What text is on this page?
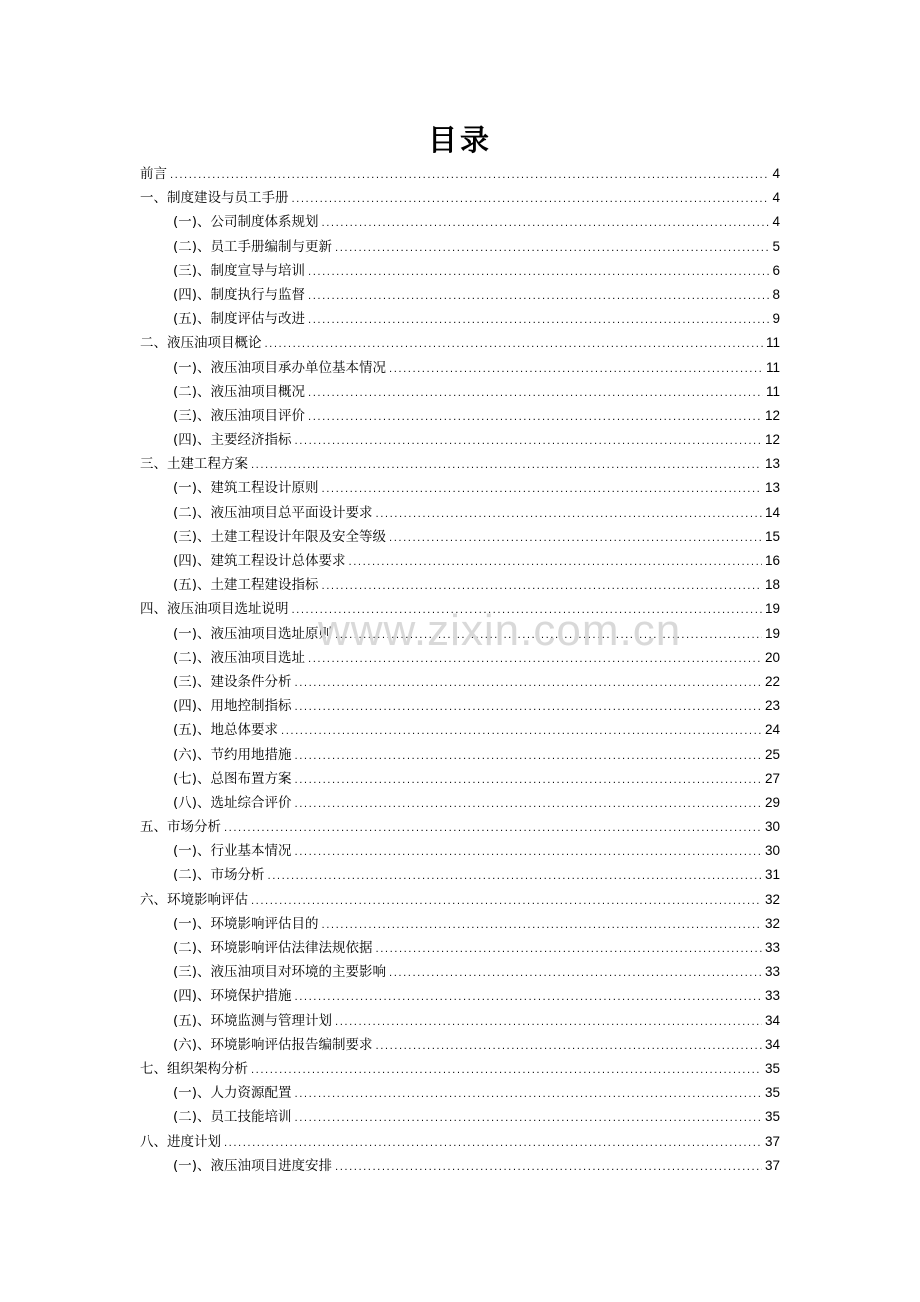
目录
前言 .....	4
一、制度建设与员工手册 .....	4
(一)、公司制度体系规划 .....	4
(二)、员工手册编制与更新 .....	5
(三)、制度宣导与培训 .....	6
(四)、制度执行与监督 .....	8
(五)、制度评估与改进 .....	9
二、液压油项目概论 .....	11
(一)、液压油项目承办单位基本情况 .....	11
(二)、液压油项目概况 .....	11
(三)、液压油项目评价 .....	12
(四)、主要经济指标 .....	12
三、土建工程方案 .....	13
(一)、建筑工程设计原则 .....	13
(二)、液压油项目总平面设计要求 .....	14
(三)、土建工程设计年限及安全等级 .....	15
(四)、建筑工程设计总体要求 .....	16
(五)、土建工程建设指标 .....	18
四、液压油项目选址说明 .....	19
(一)、液压油项目选址原则 .....	19
(二)、液压油项目选址 .....	20
(三)、建设条件分析 .....	22
(四)、用地控制指标 .....	23
(五)、地总体要求 .....	24
(六)、节约用地措施 .....	25
(七)、总图布置方案 .....	27
(八)、选址综合评价 .....	29
五、市场分析 .....	30
(一)、行业基本情况 .....	30
(二)、市场分析 .....	31
六、环境影响评估 .....	32
(一)、环境影响评估目的 .....	32
(二)、环境影响评估法律法规依据 .....	33
(三)、液压油项目对环境的主要影响 .....	33
(四)、环境保护措施 .....	33
(五)、环境监测与管理计划 .....	34
(六)、环境影响评估报告编制要求 .....	34
七、组织架构分析 .....	35
(一)、人力资源配置 .....	35
(二)、员工技能培训 .....	35
八、进度计划 .....	37
(一)、液压油项目进度安排 .....	37
www.zixin.com.cn
